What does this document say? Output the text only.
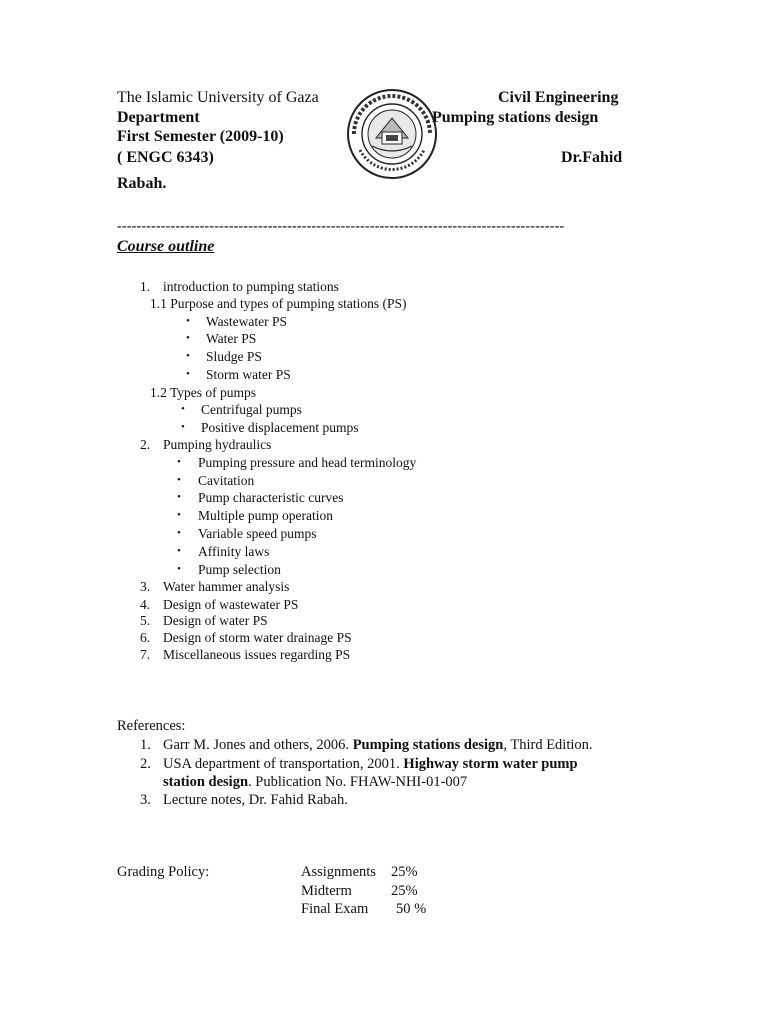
The Islamic University of Gaza	Civil Engineering
Department	Pumping stations design
First Semester (2009-10)
( ENGC 6343)	Dr.Fahid
Rabah.
--------------------------------------------------------------------------------------------
Course outline
1. introduction to pumping stations
1.1 Purpose and types of pumping stations (PS)
• Wastewater PS
• Water PS
• Sludge PS
• Storm water PS
1.2 Types of pumps
• Centrifugal pumps
• Positive displacement pumps
2. Pumping hydraulics
• Pumping pressure and head terminology
• Cavitation
• Pump characteristic curves
• Multiple pump operation
• Variable speed pumps
• Affinity laws
• Pump selection
3. Water hammer analysis
4. Design of wastewater PS
5. Design of water PS
6. Design of storm water drainage PS
7. Miscellaneous issues regarding PS
References:
1. Garr M. Jones and others, 2006. Pumping stations design, Third Edition.
2. USA department of transportation, 2001. Highway storm water pump
station design. Publication No. FHAW-NHI-01-007
3. Lecture notes, Dr. Fahid Rabah.
Grading Policy:	Assignments 25%
Midterm	25%
Final Exam 50 %
